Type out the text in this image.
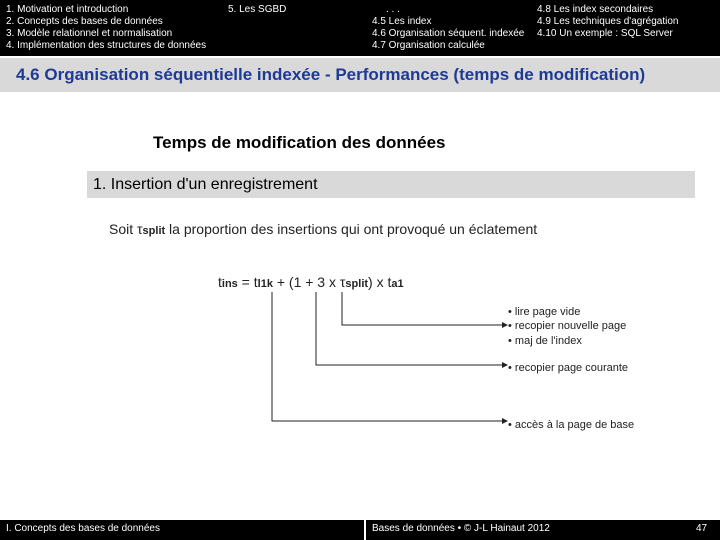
1. Motivation et introduction
2. Concepts des bases de données
3. Modèle relationnel et normalisation
4. Implémentation des structures de données
5. Les SGBD	. . .
4.5 Les index
4.6 Organisation séquent. indexée
4.7 Organisation calculée
4.8 Les index secondaires
4.9 Les techniques d'agrégation
4.10 Un exemple : SQL Server
4.6 Organisation séquentielle indexée - Performances (temps de modification)
Temps de modification des données
1. Insertion d'un enregistrement
Soit τsplit la proportion des insertions qui ont provoqué un éclatement
tins = tl1k + (1 + 3 x τsplit) x ta1
• lire page vide
• recopier nouvelle page
• maj de l'index
• recopier page courante
• accès à la page de base
I. Concepts des bases de données	Bases de données • © J-L Hainaut 2012	47
